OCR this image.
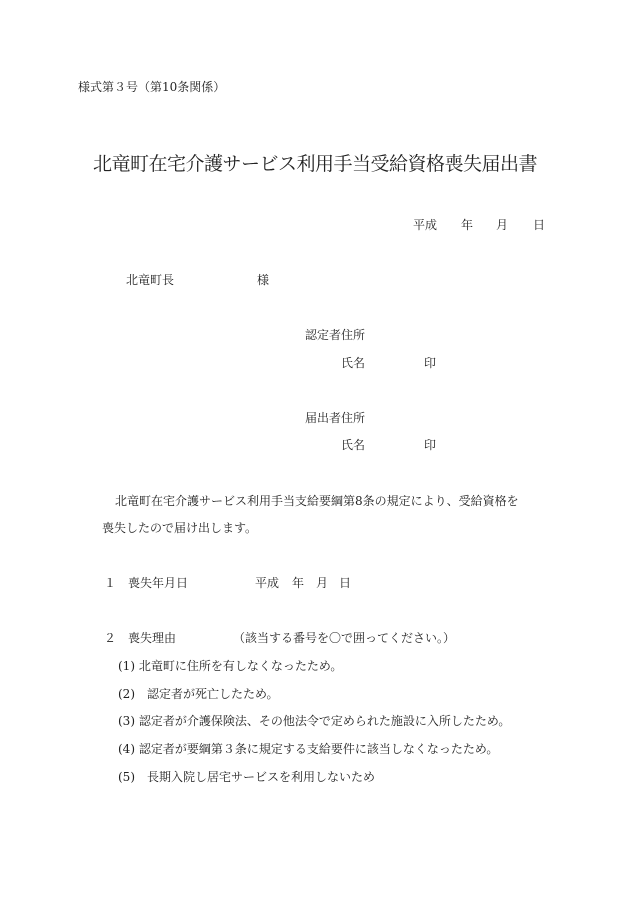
様式第３号（第10条関係）
北竜町在宅介護サービス利用手当受給資格喪失届出書
平成 年 月 日
北竜町長	様
認定者住所
氏名	印
届出者住所
氏名	印
北竜町在宅介護サービス利用手当支給要綱第8条の規定により、受給資格を
喪失したので届け出します。
１　喪失年月日	平成 年 月 日
２　喪失理由	（該当する番号を〇で囲ってください。）
(1) 北竜町に住所を有しなくなったため。
(2)　認定者が死亡したため。
(3) 認定者が介護保険法、その他法令で定められた施設に入所したため。
(4) 認定者が要綱第３条に規定する支給要件に該当しなくなったため。
(5)　長期入院し居宅サービスを利用しないため
